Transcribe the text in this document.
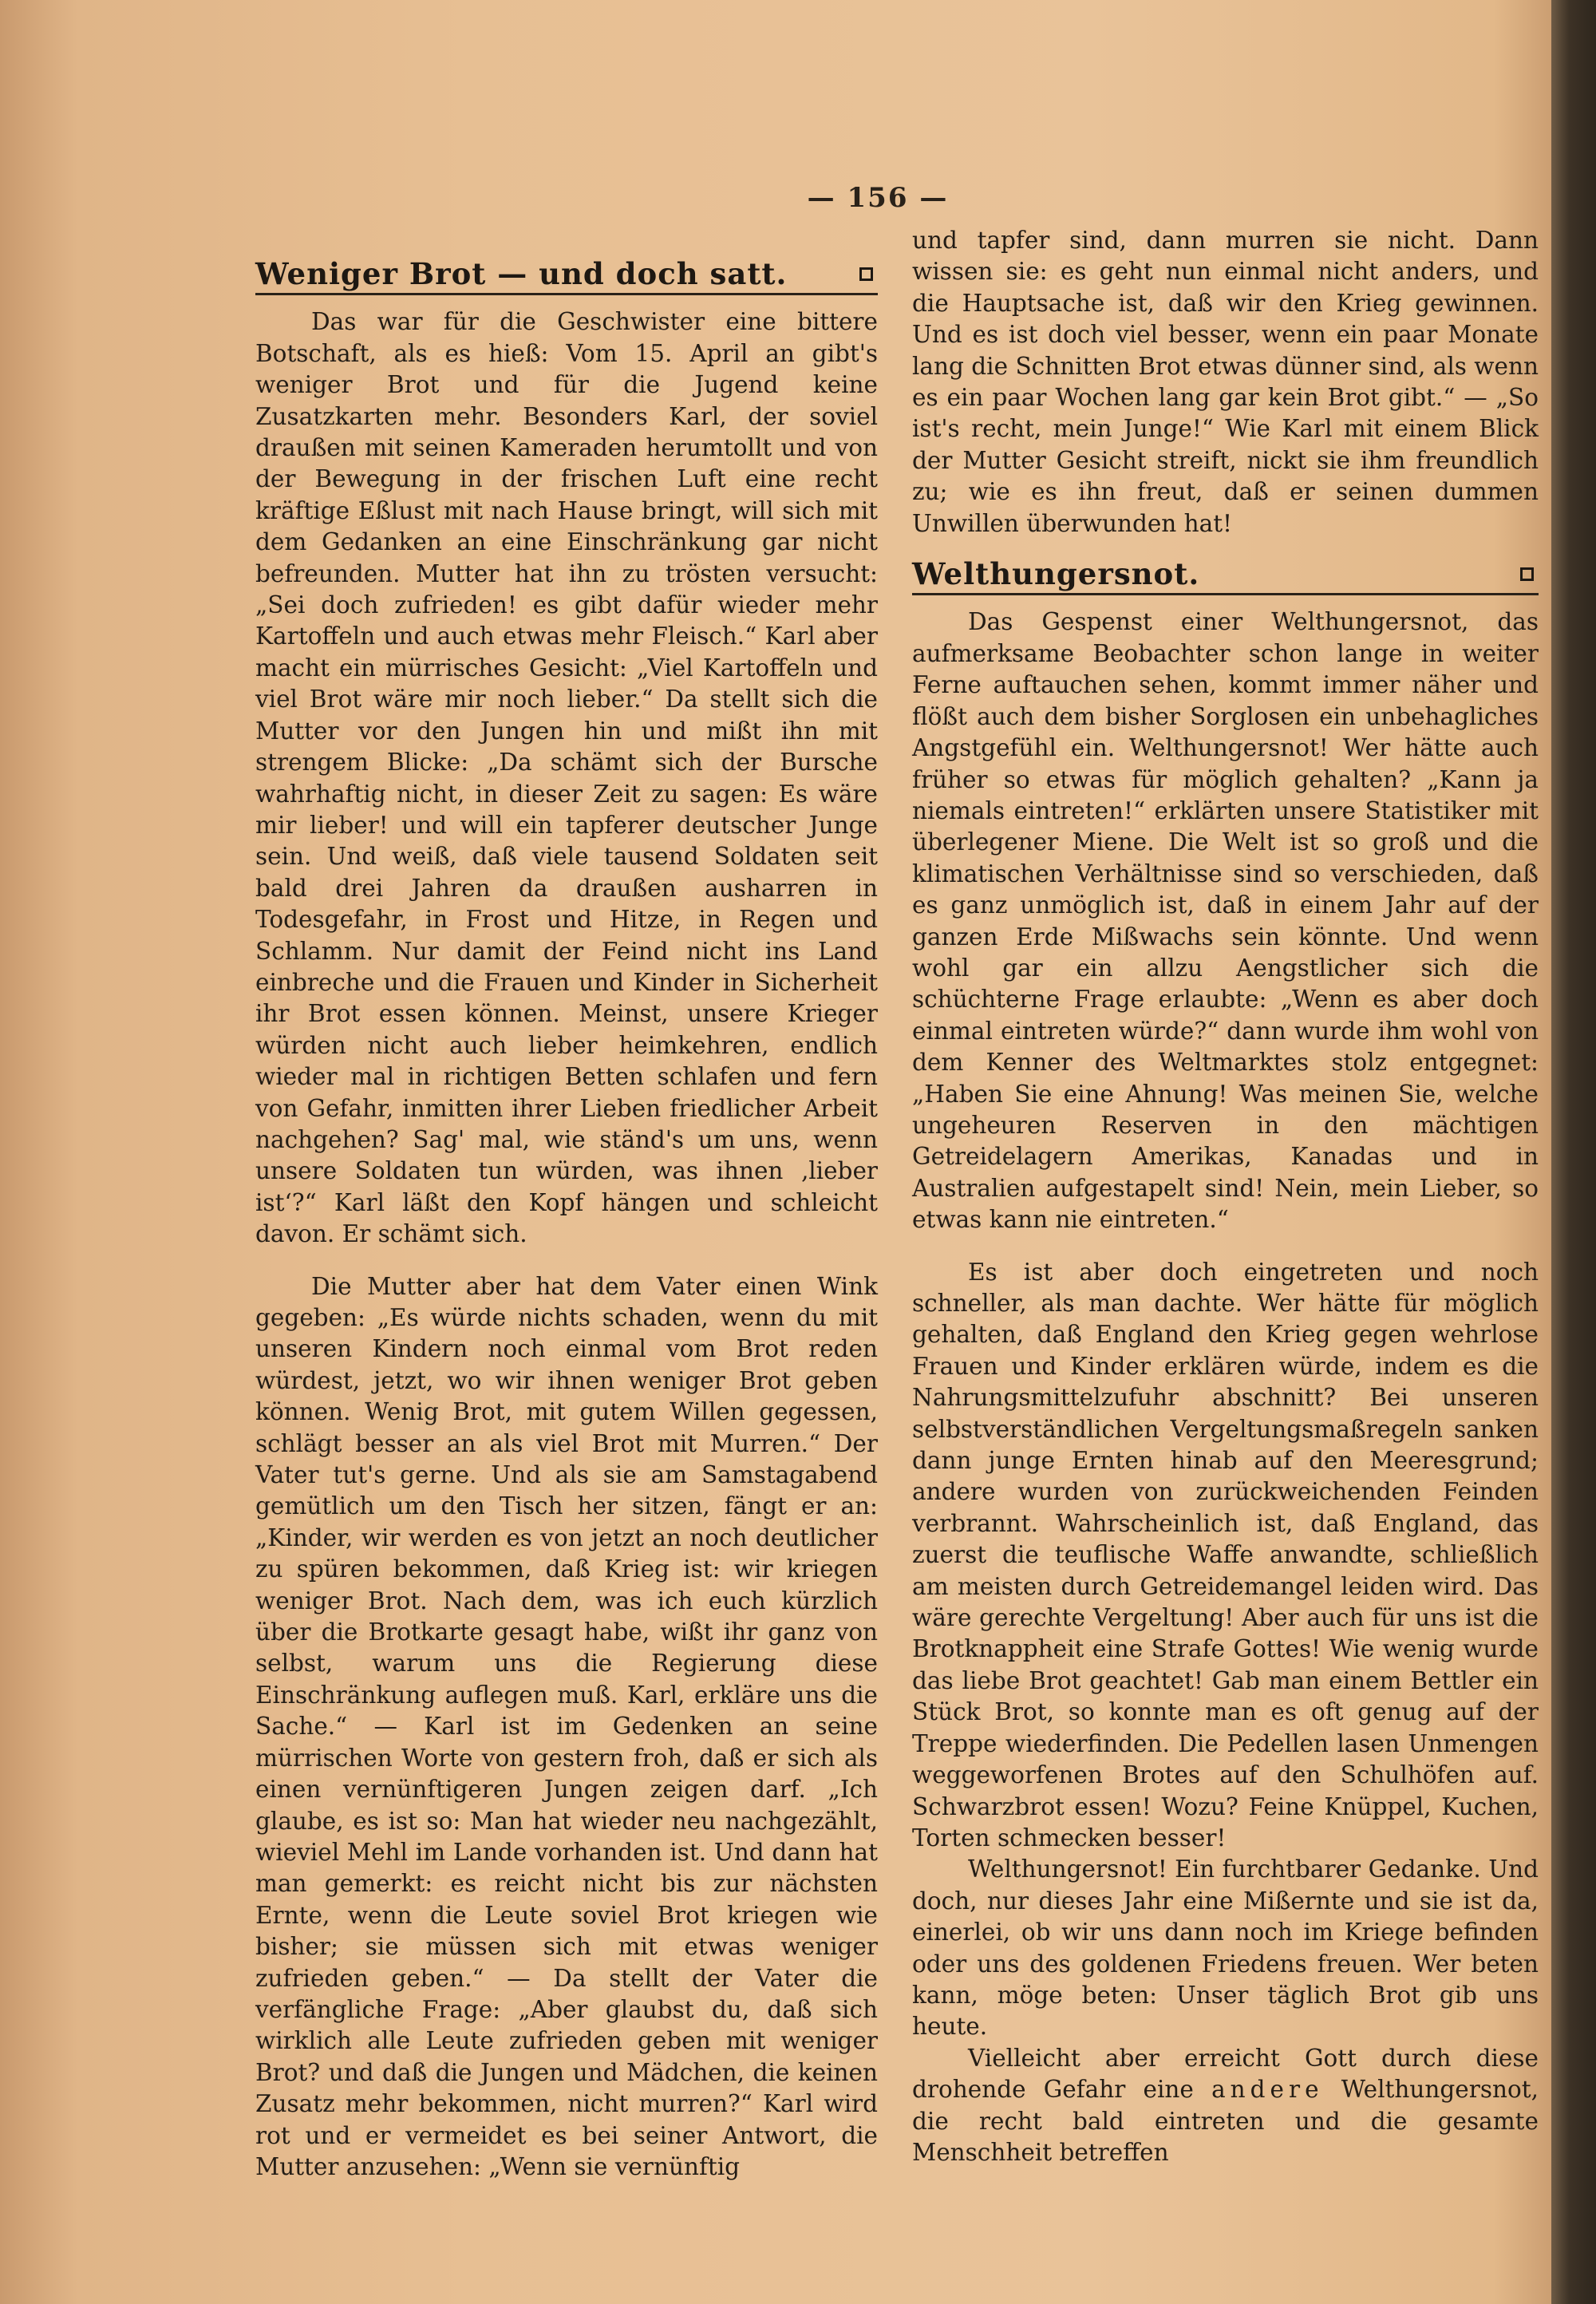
— 156 —
Weniger Brot — und doch satt.

Das war für die Geschwister eine bittere Botschaft, als es hieß: Vom 15. April an gibt's weniger Brot und für die Jugend keine Zusatzkarten mehr. Besonders Karl, der soviel draußen mit seinen Kameraden herumtollt und von der Bewegung in der frischen Luft eine recht kräftige Eßlust mit nach Hause bringt, will sich mit dem Gedanken an eine Einschränkung gar nicht befreunden. Mutter hat ihn zu trösten versucht: „Sei doch zufrieden! es gibt dafür wieder mehr Kartoffeln und auch etwas mehr Fleisch.“ Karl aber macht ein mürrisches Gesicht: „Viel Kartoffeln und viel Brot wäre mir noch lieber.“ Da stellt sich die Mutter vor den Jungen hin und mißt ihn mit strengem Blicke: „Da schämt sich der Bursche wahrhaftig nicht, in dieser Zeit zu sagen: Es wäre mir lieber! und will ein tapferer deutscher Junge sein. Und weiß, daß viele tausend Soldaten seit bald drei Jahren da draußen ausharren in Todesgefahr, in Frost und Hitze, in Regen und Schlamm. Nur damit der Feind nicht ins Land einbreche und die Frauen und Kinder in Sicherheit ihr Brot essen können. Meinst, unsere Krieger würden nicht auch lieber heimkehren, endlich wieder mal in richtigen Betten schlafen und fern von Gefahr, inmitten ihrer Lieben friedlicher Arbeit nachgehen? Sag' mal, wie ständ's um uns, wenn unsere Soldaten tun würden, was ihnen ‚lieber ist‘?“ Karl läßt den Kopf hängen und schleicht davon. Er schämt sich.

Die Mutter aber hat dem Vater einen Wink gegeben: „Es würde nichts schaden, wenn du mit unseren Kindern noch einmal vom Brot reden würdest, jetzt, wo wir ihnen weniger Brot geben können. Wenig Brot, mit gutem Willen gegessen, schlägt besser an als viel Brot mit Murren.“ Der Vater tut's gerne. Und als sie am Samstagabend gemütlich um den Tisch her sitzen, fängt er an: „Kinder, wir werden es von jetzt an noch deutlicher zu spüren bekommen, daß Krieg ist: wir kriegen weniger Brot. Nach dem, was ich euch kürzlich über die Brotkarte gesagt habe, wißt ihr ganz von selbst, warum uns die Regierung diese Einschränkung auflegen muß. Karl, erkläre uns die Sache.“ — Karl ist im Gedenken an seine mürrischen Worte von gestern froh, daß er sich als einen vernünftigeren Jungen zeigen darf. „Ich glaube, es ist so: Man hat wieder neu nachgezählt, wieviel Mehl im Lande vorhanden ist. Und dann hat man gemerkt: es reicht nicht bis zur nächsten Ernte, wenn die Leute soviel Brot kriegen wie bisher; sie müssen sich mit etwas weniger zufrieden geben.“ — Da stellt der Vater die verfängliche Frage: „Aber glaubst du, daß sich wirklich alle Leute zufrieden geben mit weniger Brot? und daß die Jungen und Mädchen, die keinen Zusatz mehr bekommen, nicht murren?“ Karl wird rot und er vermeidet es bei seiner Antwort, die Mutter anzusehen: „Wenn sie vernünftig

und tapfer sind, dann murren sie nicht. Dann wissen sie: es geht nun einmal nicht anders, und die Hauptsache ist, daß wir den Krieg gewinnen. Und es ist doch viel besser, wenn ein paar Monate lang die Schnitten Brot etwas dünner sind, als wenn es ein paar Wochen lang gar kein Brot gibt.“ — „So ist's recht, mein Junge!“ Wie Karl mit einem Blick der Mutter Gesicht streift, nickt sie ihm freundlich zu; wie es ihn freut, daß er seinen dummen Unwillen überwunden hat!

Welthungersnot.

Das Gespenst einer Welthungersnot, das aufmerksame Beobachter schon lange in weiter Ferne auftauchen sehen, kommt immer näher und flößt auch dem bisher Sorglosen ein unbehagliches Angstgefühl ein. Welthungersnot! Wer hätte auch früher so etwas für möglich gehalten? „Kann ja niemals eintreten!“ erklärten unsere Statistiker mit überlegener Miene. Die Welt ist so groß und die klimatischen Verhältnisse sind so verschieden, daß es ganz unmöglich ist, daß in einem Jahr auf der ganzen Erde Mißwachs sein könnte. Und wenn wohl gar ein allzu Aengstlicher sich die schüchterne Frage erlaubte: „Wenn es aber doch einmal eintreten würde?“ dann wurde ihm wohl von dem Kenner des Weltmarktes stolz entgegnet: „Haben Sie eine Ahnung! Was meinen Sie, welche ungeheuren Reserven in den mächtigen Getreidelagern Amerikas, Kanadas und in Australien aufgestapelt sind! Nein, mein Lieber, so etwas kann nie eintreten.“

Es ist aber doch eingetreten und noch schneller, als man dachte. Wer hätte für möglich gehalten, daß England den Krieg gegen wehrlose Frauen und Kinder erklären würde, indem es die Nahrungsmittelzufuhr abschnitt? Bei unseren selbstverständlichen Vergeltungsmaßregeln sanken dann junge Ernten hinab auf den Meeresgrund; andere wurden von zurückweichenden Feinden verbrannt. Wahrscheinlich ist, daß England, das zuerst die teuflische Waffe anwandte, schließlich am meisten durch Getreidemangel leiden wird. Das wäre gerechte Vergeltung! Aber auch für uns ist die Brotknappheit eine Strafe Gottes! Wie wenig wurde das liebe Brot geachtet! Gab man einem Bettler ein Stück Brot, so konnte man es oft genug auf der Treppe wiederfinden. Die Pedellen lasen Unmengen weggeworfenen Brotes auf den Schulhöfen auf. Schwarzbrot essen! Wozu? Feine Knüppel, Kuchen, Torten schmecken besser!

Welthungersnot! Ein furchtbarer Gedanke. Und doch, nur dieses Jahr eine Mißernte und sie ist da, einerlei, ob wir uns dann noch im Kriege befinden oder uns des goldenen Friedens freuen. Wer beten kann, möge beten: Unser täglich Brot gib uns heute.

Vielleicht aber erreicht Gott durch diese drohende Gefahr eine andere Welthungersnot, die recht bald eintreten und die gesamte Menschheit betreffen
